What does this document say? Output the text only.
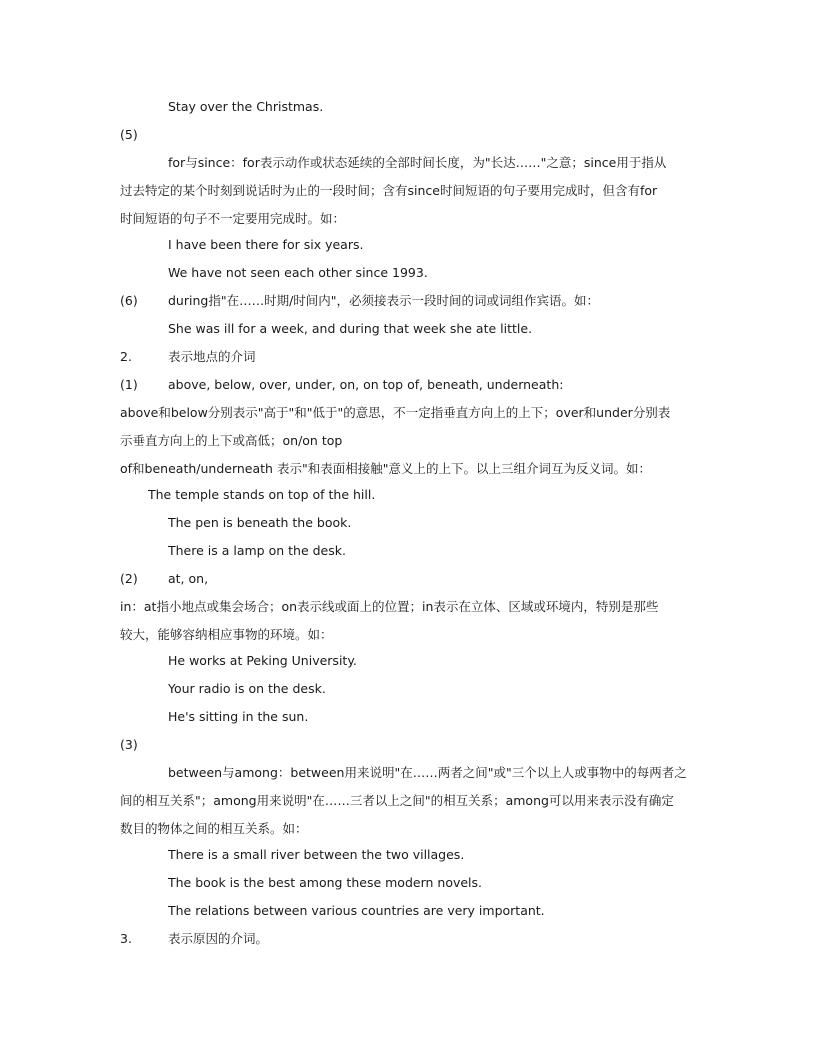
Stay over the Christmas.
(5)
for与since：for表示动作或状态延续的全部时间长度，为"长达……"之意；since用于指从
过去特定的某个时刻到说话时为止的一段时间；含有since时间短语的句子要用完成时，但含有for
时间短语的句子不一定要用完成时。如：
I have been there for six years.
We have not seen each other since 1993.
(6) during指"在……时期/时间内"，必须接表示一段时间的词或词组作宾语。如：
She was ill for a week, and during that week she ate little.
2.	表示地点的介词
(1) above, below, over, under, on, on top of, beneath, underneath:
above和below分别表示"高于"和"低于"的意思，不一定指垂直方向上的上下；over和under分别表
示垂直方向上的上下或高低；on/on top
of和beneath/underneath 表示"和表面相接触"意义上的上下。以上三组介词互为反义词。如：
The temple stands on top of the hill.
The pen is beneath the book.
There is a lamp on the desk.
(2) at, on,
in：at指小地点或集会场合；on表示线或面上的位置；in表示在立体、区域或环境内，特别是那些
较大，能够容纳相应事物的环境。如：
He works at Peking University.
Your radio is on the desk.
He's sitting in the sun.
(3)
between与among：between用来说明"在……两者之间"或"三个以上人或事物中的每两者之
间的相互关系"；among用来说明"在……三者以上之间"的相互关系；among可以用来表示没有确定
数目的物体之间的相互关系。如：
There is a small river between the two villages.
The book is the best among these modern novels.
The relations between various countries are very important.
3.	表示原因的介词。
